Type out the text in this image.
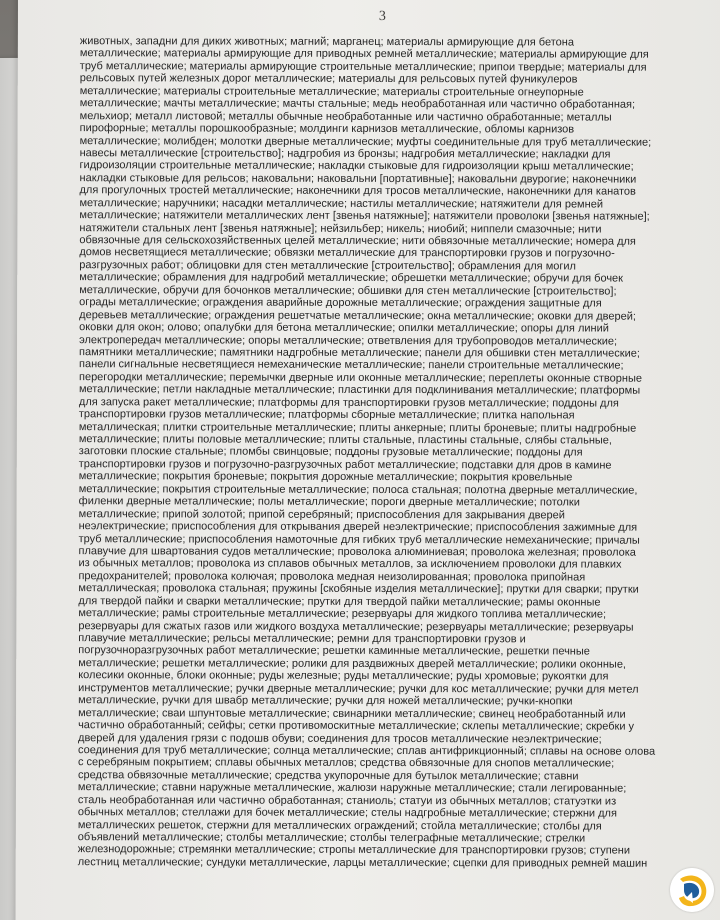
3
животных, западни для диких животных; магний; марганец; материалы армирующие для бетона
металлические; материалы армирующие для приводных ремней металлические; материалы армирующие для
труб металлические; материалы армирующие строительные металлические; припои твердые; материалы для
рельсовых путей железных дорог металлические; материалы для рельсовых путей фуникулеров
металлические; материалы строительные металлические; материалы строительные огнеупорные
металлические; мачты металлические; мачты стальные; медь необработанная или частично обработанная;
мельхиор; металл листовой; металлы обычные необработанные или частично обработанные; металлы
пирофорные; металлы порошкообразные; молдинги карнизов металлические, обломы карнизов
металлические; молибден; молотки дверные металлические; муфты соединительные для труб металлические;
навесы металлические [строительство]; надгробия из бронзы; надгробия металлические; накладки для
гидроизоляции строительные металлические; накладки стыковые для гидроизоляции крыш металлические;
накладки стыковые для рельсов; наковальни; наковальни [портативные]; наковальни двурогие; наконечники
для прогулочных тростей металлические; наконечники для тросов металлические, наконечники для канатов
металлические; наручники; насадки металлические; настилы металлические; натяжители для ремней
металлические; натяжители металлических лент [звенья натяжные]; натяжители проволоки [звенья натяжные];
натяжители стальных лент [звенья натяжные]; нейзильбер; никель; ниобий; ниппели смазочные; нити
обвязочные для сельскохозяйственных целей металлические; нити обвязочные металлические; номера для
домов несветящиеся металлические; обвязки металлические для транспортировки грузов и погрузочно-
разгрузочных работ; облицовки для стен металлические [строительство]; обрамления для могил
металлические; обрамления для надгробий металлические; обрешетки металлические; обручи для бочек
металлические, обручи для бочонков металлические; обшивки для стен металлические [строительство];
ограды металлические; ограждения аварийные дорожные металлические; ограждения защитные для
деревьев металлические; ограждения решетчатые металлические; окна металлические; оковки для дверей;
оковки для окон; олово; опалубки для бетона металлические; опилки металлические; опоры для линий
электропередач металлические; опоры металлические; ответвления для трубопроводов металлические;
памятники металлические; памятники надгробные металлические; панели для обшивки стен металлические;
панели сигнальные несветящиеся немеханические металлические; панели строительные металлические;
перегородки металлические; перемычки дверные или оконные металлические; переплеты оконные створные
металлические; петли накладные металлические; пластинки для подклинивания металлические; платформы
для запуска ракет металлические; платформы для транспортировки грузов металлические; поддоны для
транспортировки грузов металлические; платформы сборные металлические; плитка напольная
металлическая; плитки строительные металлические; плиты анкерные; плиты броневые; плиты надгробные
металлические; плиты половые металлические; плиты стальные, пластины стальные, слябы стальные,
заготовки плоские стальные; пломбы свинцовые; поддоны грузовые металлические; поддоны для
транспортировки грузов и погрузочно-разгрузочных работ металлические; подставки для дров в камине
металлические; покрытия броневые; покрытия дорожные металлические; покрытия кровельные
металлические; покрытия строительные металлические; полоса стальная; полотна дверные металлические,
филенки дверные металлические; полы металлические; пороги дверные металлические; потолки
металлические; припой золотой; припой серебряный; приспособления для закрывания дверей
неэлектрические; приспособления для открывания дверей неэлектрические; приспособления зажимные для
труб металлические; приспособления намоточные для гибких труб металлические немеханические; причалы
плавучие для швартования судов металлические; проволока алюминиевая; проволока железная; проволока
из обычных металлов; проволока из сплавов обычных металлов, за исключением проволоки для плавких
предохранителей; проволока колючая; проволока медная неизолированная; проволока припойная
металлическая; проволока стальная; пружины [скобяные изделия металлические]; прутки для сварки; прутки
для твердой пайки и сварки металлические; прутки для твердой пайки металлические; рамы оконные
металлические; рамы строительные металлические; резервуары для жидкого топлива металлические;
резервуары для сжатых газов или жидкого воздуха металлические; резервуары металлические; резервуары
плавучие металлические; рельсы металлические; ремни для транспортировки грузов и
погрузочноразгрузочных работ металлические; решетки каминные металлические, решетки печные
металлические; решетки металлические; ролики для раздвижных дверей металлические; ролики оконные,
колесики оконные, блоки оконные; руды железные; руды металлические; руды хромовые; рукоятки для
инструментов металлические; ручки дверные металлические; ручки для кос металлические; ручки для метел
металлические, ручки для швабр металлические; ручки для ножей металлические; ручки-кнопки
металлические; сваи шпунтовые металлические; свинарники металлические; свинец необработанный или
частично обработанный; сейфы; сетки противомоскитные металлические; склепы металлические; скребки у
дверей для удаления грязи с подошв обуви; соединения для тросов металлические неэлектрические;
соединения для труб металлические; солнца металлические; сплав антифрикционный; сплавы на основе олова
с серебряным покрытием; сплавы обычных металлов; средства обвязочные для снопов металлические;
средства обвязочные металлические; средства укупорочные для бутылок металлические; ставни
металлические; ставни наружные металлические, жалюзи наружные металлические; стали легированные;
сталь необработанная или частично обработанная; станиоль; статуи из обычных металлов; статуэтки из
обычных металлов; стеллажи для бочек металлические; стелы надгробные металлические; стержни для
металлических решеток, стержни для металлических ограждений; стойла металлические; столбы для
объявлений металлические; столбы металлические; столбы телеграфные металлические; стрелки
железнодорожные; стремянки металлические; стропы металлические для транспортировки грузов; ступени
лестниц металлические; сундуки металлические, ларцы металлические; сцепки для приводных ремней машин
